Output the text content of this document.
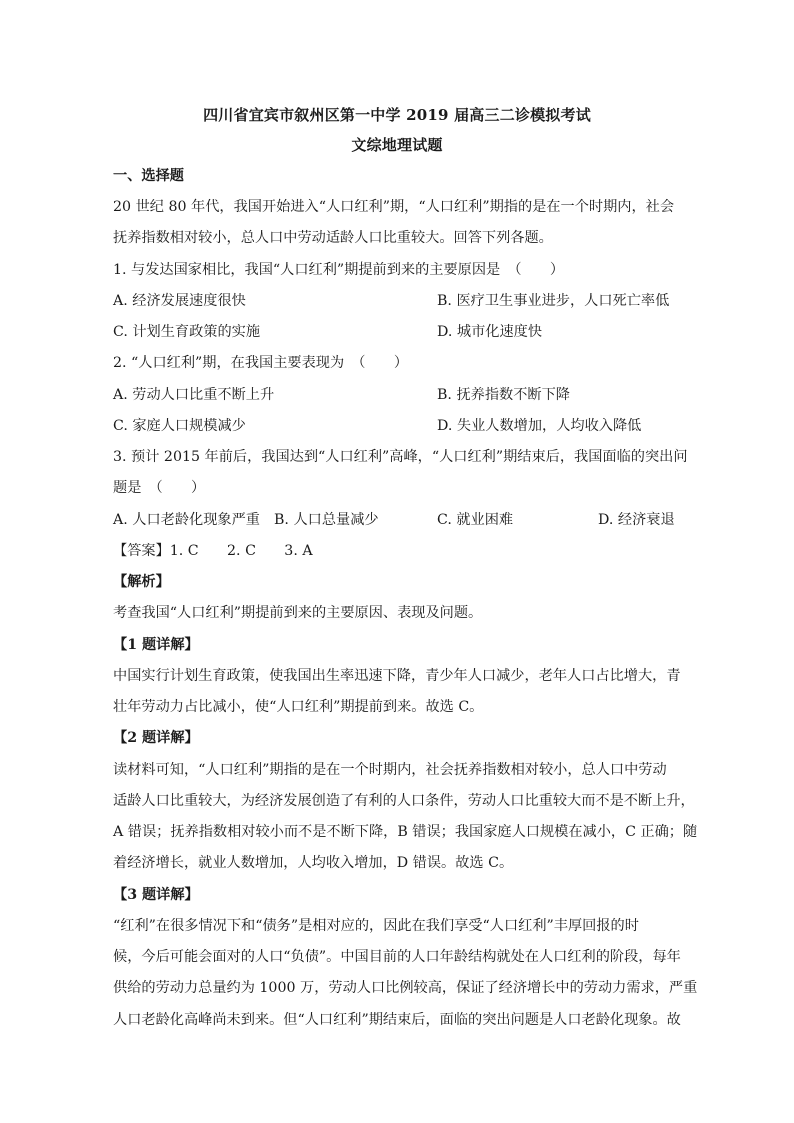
四川省宜宾市叙州区第一中学 2019 届高三二诊模拟考试
文综地理试题
一、选择题
20 世纪 80 年代，我国开始进入“人口红利”期，“人口红利”期指的是在一个时期内，社会
抚养指数相对较小，总人口中劳动适龄人口比重较大。回答下列各题。
1. 与发达国家相比，我国“人口红利”期提前到来的主要原因是　（　　）
A. 经济发展速度很快	B. 医疗卫生事业进步，人口死亡率低
C. 计划生育政策的实施	D. 城市化速度快
2. “人口红利”期，在我国主要表现为　（　　）
A. 劳动人口比重不断上升	B. 抚养指数不断下降
C. 家庭人口规模减少	D. 失业人数增加，人均收入降低
3. 预计 2015 年前后，我国达到“人口红利”高峰，“人口红利”期结束后，我国面临的突出问
题是　（　　）
A. 人口老龄化现象严重 B. 人口总量减少	C. 就业困难	D. 经济衰退
【答案】1. C　　2. C　　3. A
【解析】
考查我国“人口红利”期提前到来的主要原因、表现及问题。
【1 题详解】
中国实行计划生育政策，使我国出生率迅速下降，青少年人口减少，老年人口占比增大，青
壮年劳动力占比减小，使“人口红利”期提前到来。故选 C。
【2 题详解】
读材料可知，“人口红利”期指的是在一个时期内，社会抚养指数相对较小，总人口中劳动
适龄人口比重较大，为经济发展创造了有利的人口条件，劳动人口比重较大而不是不断上升，
A 错误；抚养指数相对较小而不是不断下降，B 错误；我国家庭人口规模在减小，C 正确；随
着经济增长，就业人数增加，人均收入增加，D 错误。故选 C。
【3 题详解】
“红利”在很多情况下和“债务”是相对应的，因此在我们享受“人口红利”丰厚回报的时
候，今后可能会面对的人口“负债”。中国目前的人口年龄结构就处在人口红利的阶段，每年
供给的劳动力总量约为 1000 万，劳动人口比例较高，保证了经济增长中的劳动力需求，严重
人口老龄化高峰尚未到来。但“人口红利”期结束后，面临的突出问题是人口老龄化现象。故
